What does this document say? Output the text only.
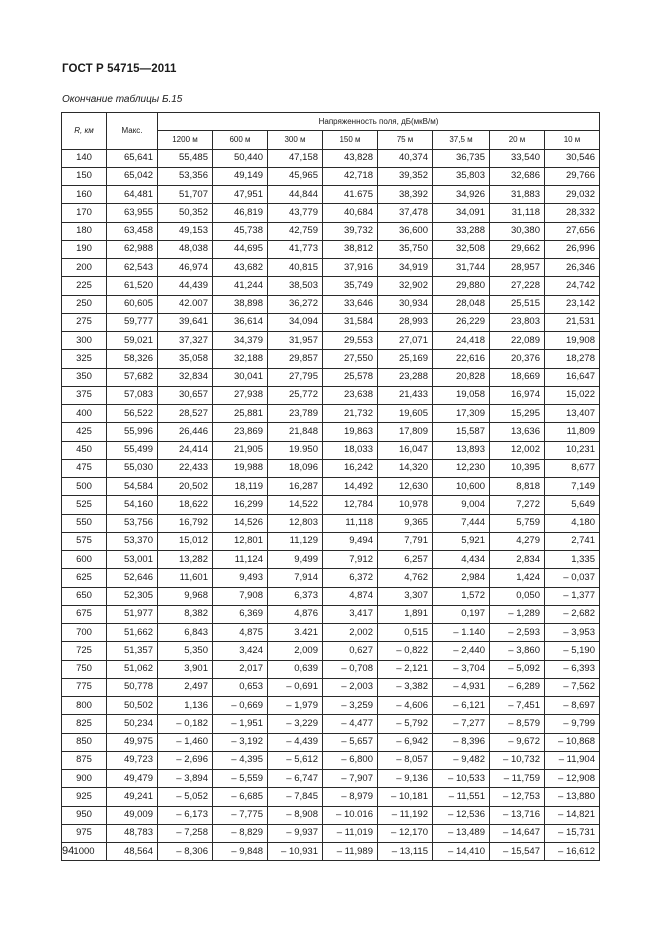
ГОСТ Р 54715—2011
Окончание таблицы Б.15
R, км	Макс.	Напряженность поля, дБ(мкВ/м)							
		1200 м	600 м	300 м	150 м	75 м	37,5 м	20 м	10 м
140	65,641	55,485	50,440	47,158	43,828	40,374	36,735	33,540	30,546
150	65,042	53,356	49,149	45,965	42,718	39,352	35,803	32,686	29,766
160	64,481	51,707	47,951	44,844	41.675	38,392	34,926	31,883	29,032
170	63,955	50,352	46,819	43,779	40,684	37,478	34,091	31,118	28,332
180	63,458	49,153	45,738	42,759	39,732	36,600	33,288	30,380	27,656
190	62,988	48,038	44,695	41,773	38,812	35,750	32,508	29,662	26,996
200	62,543	46,974	43,682	40,815	37,916	34,919	31,744	28,957	26,346
225	61,520	44,439	41,244	38,503	35,749	32,902	29,880	27,228	24,742
250	60,605	42.007	38,898	36,272	33,646	30,934	28,048	25,515	23,142
275	59,777	39,641	36,614	34,094	31,584	28,993	26,229	23,803	21,531
300	59,021	37,327	34,379	31,957	29,553	27,071	24,418	22,089	19,908
325	58,326	35,058	32,188	29,857	27,550	25,169	22,616	20,376	18,278
350	57,682	32,834	30,041	27,795	25,578	23,288	20,828	18,669	16,647
375	57,083	30,657	27,938	25,772	23,638	21,433	19,058	16,974	15,022
400	56,522	28,527	25,881	23,789	21,732	19,605	17,309	15,295	13,407
425	55,996	26,446	23,869	21,848	19,863	17,809	15,587	13,636	11,809
450	55,499	24,414	21,905	19.950	18,033	16,047	13,893	12,002	10,231
475	55,030	22,433	19,988	18,096	16,242	14,320	12,230	10,395	8,677
500	54,584	20,502	18,119	16,287	14,492	12,630	10,600	8,818	7,149
525	54,160	18,622	16,299	14,522	12,784	10,978	9,004	7,272	5,649
550	53,756	16,792	14,526	12,803	11,118	9,365	7,444	5,759	4,180
575	53,370	15,012	12,801	11,129	9,494	7,791	5,921	4,279	2,741
600	53,001	13,282	11,124	9,499	7,912	6,257	4,434	2,834	1,335
625	52,646	11,601	9,493	7,914	6,372	4,762	2,984	1,424	– 0,037
650	52,305	9,968	7,908	6,373	4,874	3,307	1,572	0,050	– 1,377
675	51,977	8,382	6,369	4,876	3,417	1,891	0,197	– 1,289	– 2,682
700	51,662	6,843	4,875	3.421	2,002	0,515	– 1.140	– 2,593	– 3,953
725	51,357	5,350	3,424	2,009	0,627	– 0,822	– 2,440	– 3,860	– 5,190
750	51,062	3,901	2,017	0,639	– 0,708	– 2,121	– 3,704	– 5,092	– 6,393
775	50,778	2,497	0,653	– 0,691	– 2,003	– 3,382	– 4,931	– 6,289	– 7,562
800	50,502	1,136	– 0,669	– 1,979	– 3,259	– 4,606	– 6,121	– 7,451	– 8,697
825	50,234	– 0,182	– 1,951	– 3,229	– 4,477	– 5,792	– 7,277	– 8,579	– 9,799
850	49,975	– 1,460	– 3,192	– 4,439	– 5,657	– 6,942	– 8,396	– 9,672	– 10,868
875	49,723	– 2,696	– 4,395	– 5,612	– 6,800	– 8,057	– 9,482	– 10,732	– 11,904
900	49,479	– 3,894	– 5,559	– 6,747	– 7,907	– 9,136	– 10,533	– 11,759	– 12,908
925	49,241	– 5,052	– 6,685	– 7,845	– 8,979	– 10,181	– 11,551	– 12,753	– 13,880
950	49,009	– 6,173	– 7,775	– 8,908	– 10.016	– 11,192	– 12,536	– 13,716	– 14,821
975	48,783	– 7,258	– 8,829	– 9,937	– 11,019	– 12,170	– 13,489	– 14,647	– 15,731
1000	48,564	– 8,306	– 9,848	– 10,931	– 11,989	– 13,115	– 14,410	– 15,547	– 16,612
94
